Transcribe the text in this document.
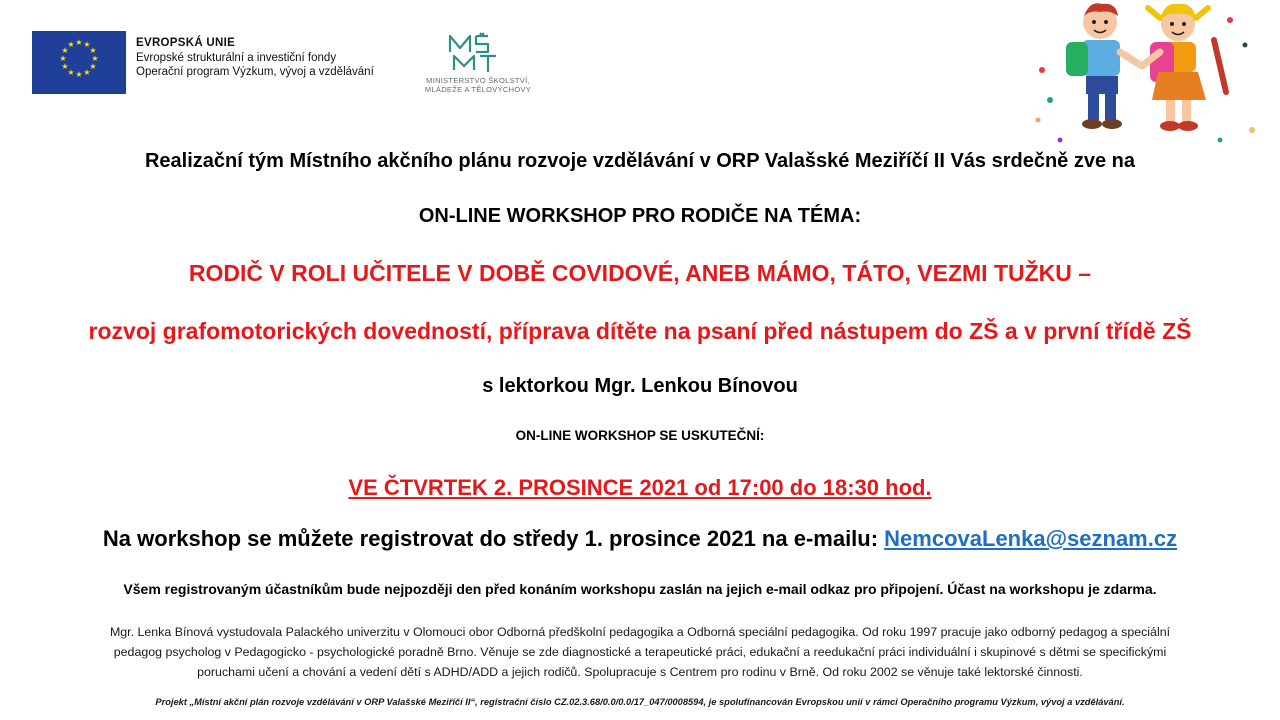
★ ★
★
★
★
★
★
★
★
★
★
★	EVROPSKÁ UNIE
Evropské strukturální a investiční fondy
Operační program Výzkum, vývoj a vzdělávání
MINISTERSTVO ŠKOLSTVÍ,
MLÁDEŽE A TĚLOVÝCHOVY
Realizační tým Místního akčního plánu rozvoje vzdělávání v ORP Valašské Meziříčí II Vás srdečně zve na
ON-LINE WORKSHOP PRO RODIČE NA TÉMA:
RODIČ V ROLI UČITELE V DOBĚ COVIDOVÉ, ANEB MÁMO, TÁTO, VEZMI TUŽKU –
rozvoj grafomotorických dovedností, příprava dítěte na psaní před nástupem do ZŠ a v první třídě ZŠ
s lektorkou Mgr. Lenkou Bínovou
ON-LINE WORKSHOP SE USKUTEČNÍ:
VE ČTVRTEK 2. PROSINCE 2021 od 17:00 do 18:30 hod.
Na workshop se můžete registrovat do středy 1. prosince 2021 na e-mailu: NemcovaLenka@seznam.cz
Všem registrovaným účastníkům bude nejpozději den před konáním workshopu zaslán na jejich e-mail odkaz pro připojení. Účast na workshopu je zdarma.
Mgr. Lenka Bínová vystudovala Palackého univerzitu v Olomouci obor Odborná předškolní pedagogika a Odborná speciální pedagogika. Od roku 1997 pracuje jako odborný pedagog a speciální
pedagog psycholog v Pedagogicko - psychologické poradně Brno. Věnuje se zde diagnostické a terapeutické práci, edukační a reedukační práci individuální i skupinové s dětmi se specifickými
poruchami učení a chování a vedení dětí s ADHD/ADD a jejich rodičů. Spolupracuje s Centrem pro rodinu v Brně. Od roku 2002 se věnuje také lektorské činnosti.
Projekt „Místní akční plán rozvoje vzdělávání v ORP Valašské Meziříčí II“, registrační číslo CZ.02.3.68/0.0/0.0/17_047/0008594, je spolufinancován Evropskou unií v rámci Operačního programu Výzkum, vývoj a vzdělávání.
